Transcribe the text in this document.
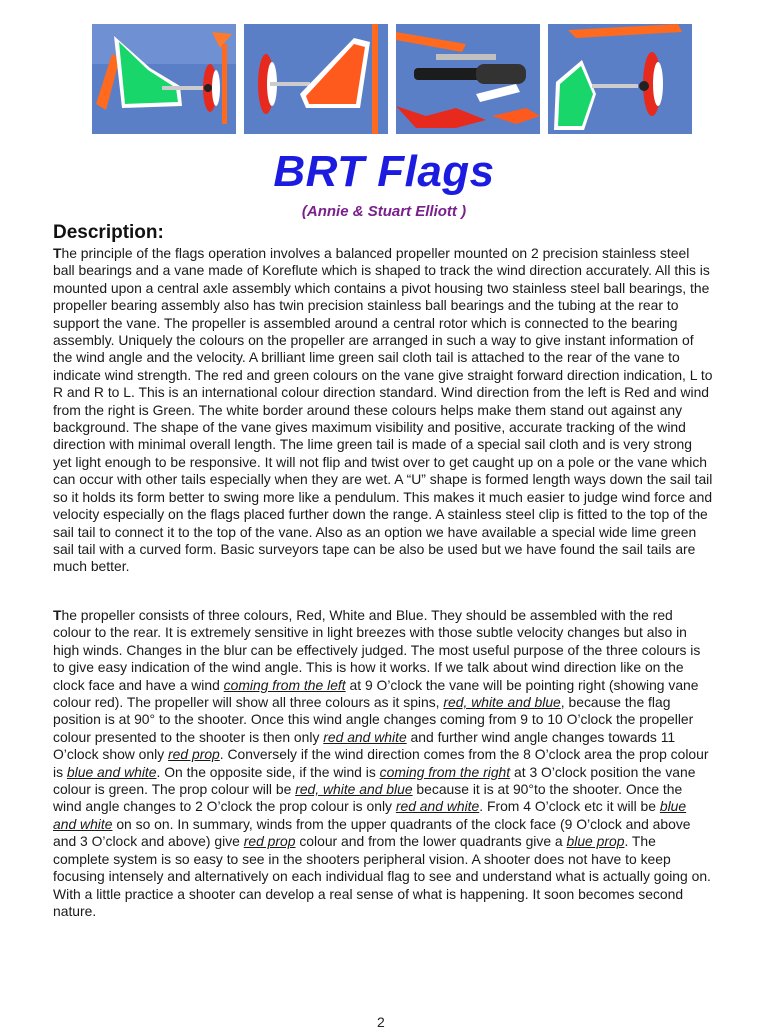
BRT Flags
(Annie & Stuart Elliott )
Description:
The principle of the flags operation involves a balanced propeller mounted on 2 precision stainless steel ball bearings and a vane made of Koreflute which is shaped to track the wind direction accurately. All this is mounted upon a central axle assembly which contains a pivot housing two stainless steel ball bearings, the propeller bearing assembly also has twin precision stainless ball bearings and the tubing at the rear to support the vane. The propeller is assembled around a central rotor which is connected to the bearing assembly. Uniquely the colours on the propeller are arranged in such a way to give instant information of the wind angle and the velocity. A brilliant lime green sail cloth tail is attached to the rear of the vane to indicate wind strength. The red and green colours on the vane give straight forward direction indication, L to R and R to L. This is an international colour direction standard. Wind direction from the left is Red and wind from the right is Green. The white border around these colours helps make them stand out against any background. The shape of the vane gives maximum visibility and positive, accurate tracking of the wind direction with minimal overall length. The lime green tail is made of a special sail cloth and is very strong yet light enough to be responsive. It will not flip and twist over to get caught up on a pole or the vane which can occur with other tails especially when they are wet. A “U” shape is formed length ways down the sail tail so it holds its form better to swing more like a pendulum. This makes it much easier to judge wind force and velocity especially on the flags placed further down the range. A stainless steel clip is fitted to the top of the sail tail to connect it to the top of the vane. Also as an option we have available a special wide lime green sail tail with a curved form. Basic surveyors tape can be also be used but we have found the sail tails are much better.
The propeller consists of three colours, Red, White and Blue. They should be assembled with the red colour to the rear. It is extremely sensitive in light breezes with those subtle velocity changes but also in high winds. Changes in the blur can be effectively judged. The most useful purpose of the three colours is to give easy indication of the wind angle. This is how it works. If we talk about wind direction like on the clock face and have a wind coming from the left at 9 O’clock the vane will be pointing right (showing vane colour red). The propeller will show all three colours as it spins, red, white and blue, because the flag position is at 90° to the shooter. Once this wind angle changes coming from 9 to 10 O’clock the propeller colour presented to the shooter is then only red and white and further wind angle changes towards 11 O’clock show only red prop. Conversely if the wind direction comes from the 8 O’clock area the prop colour is blue and white. On the opposite side, if the wind is coming from the right at 3 O’clock position the vane colour is green. The prop colour will be red, white and blue because it is at 90°to the shooter. Once the wind angle changes to 2 O’clock the prop colour is only red and white. From 4 O’clock etc it will be blue and white on so on. In summary, winds from the upper quadrants of the clock face (9 O’clock and above and 3 O’clock and above) give red prop colour and from the lower quadrants give a blue prop. The complete system is so easy to see in the shooters peripheral vision. A shooter does not have to keep focusing intensely and alternatively on each individual flag to see and understand what is actually going on. With a little practice a shooter can develop a real sense of what is happening. It soon becomes second nature.
2
